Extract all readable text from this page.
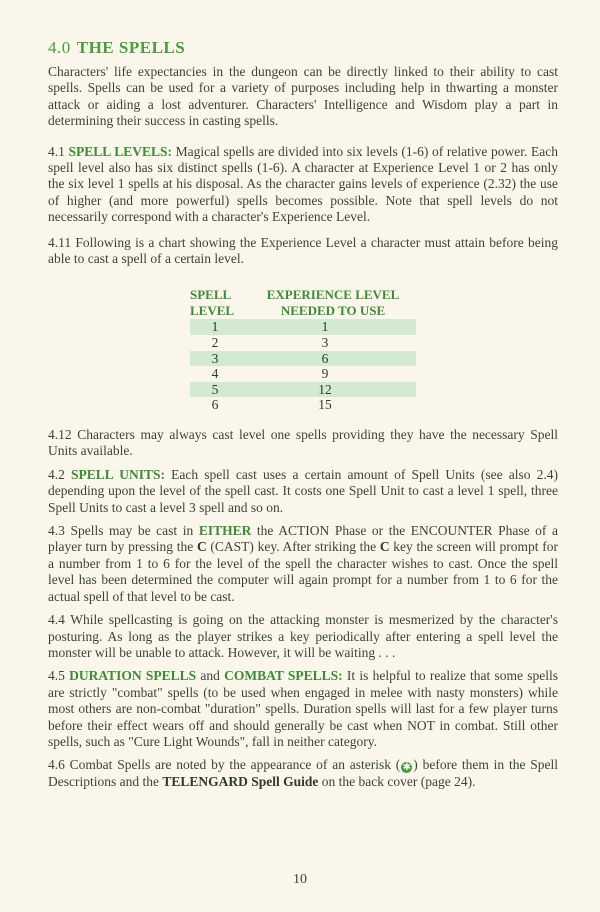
4.0 THE SPELLS

Characters' life expectancies in the dungeon can be directly linked to their ability to cast spells. Spells can be used for a variety of purposes including help in thwarting a monster attack or aiding a lost adventurer. Characters' Intelligence and Wisdom play a part in determining their success in casting spells.

4.1 SPELL LEVELS: Magical spells are divided into six levels (1-6) of relative power. Each spell level also has six distinct spells (1-6). A character at Experience Level 1 or 2 has only the six level 1 spells at his disposal. As the character gains levels of experience (2.32) the use of higher (and more powerful) spells becomes possible. Note that spell levels do not necessarily correspond with a character's Experience Level.

4.11 Following is a chart showing the Experience Level a character must attain before being able to cast a spell of a certain level.

SPELL	EXPERIENCE LEVEL
LEVEL	NEEDED TO USE
1	1
2	3
3	6
4	9
5	12
6	15

4.12 Characters may always cast level one spells providing they have the necessary Spell Units available.

4.2 SPELL UNITS: Each spell cast uses a certain amount of Spell Units (see also 2.4) depending upon the level of the spell cast. It costs one Spell Unit to cast a level 1 spell, three Spell Units to cast a level 3 spell and so on.

4.3 Spells may be cast in EITHER the ACTION Phase or the ENCOUNTER Phase of a player turn by pressing the C (CAST) key. After striking the C key the screen will prompt for a number from 1 to 6 for the level of the spell the character wishes to cast. Once the spell level has been determined the computer will again prompt for a number from 1 to 6 for the actual spell of that level to be cast.

4.4 While spellcasting is going on the attacking monster is mesmerized by the character's posturing. As long as the player strikes a key periodically after entering a spell level the monster will be unable to attack. However, it will be waiting . . .

4.5 DURATION SPELLS and COMBAT SPELLS: It is helpful to realize that some spells are strictly "combat" spells (to be used when engaged in melee with nasty monsters) while most others are non-combat "duration" spells. Duration spells will last for a few player turns before their effect wears off and should generally be cast when NOT in combat. Still other spells, such as "Cure Light Wounds", fall in neither category.

4.6 Combat Spells are noted by the appearance of an asterisk ( ✱ ) before them in the Spell Descriptions and the TELENGARD Spell Guide on the back cover (page 24).

10
